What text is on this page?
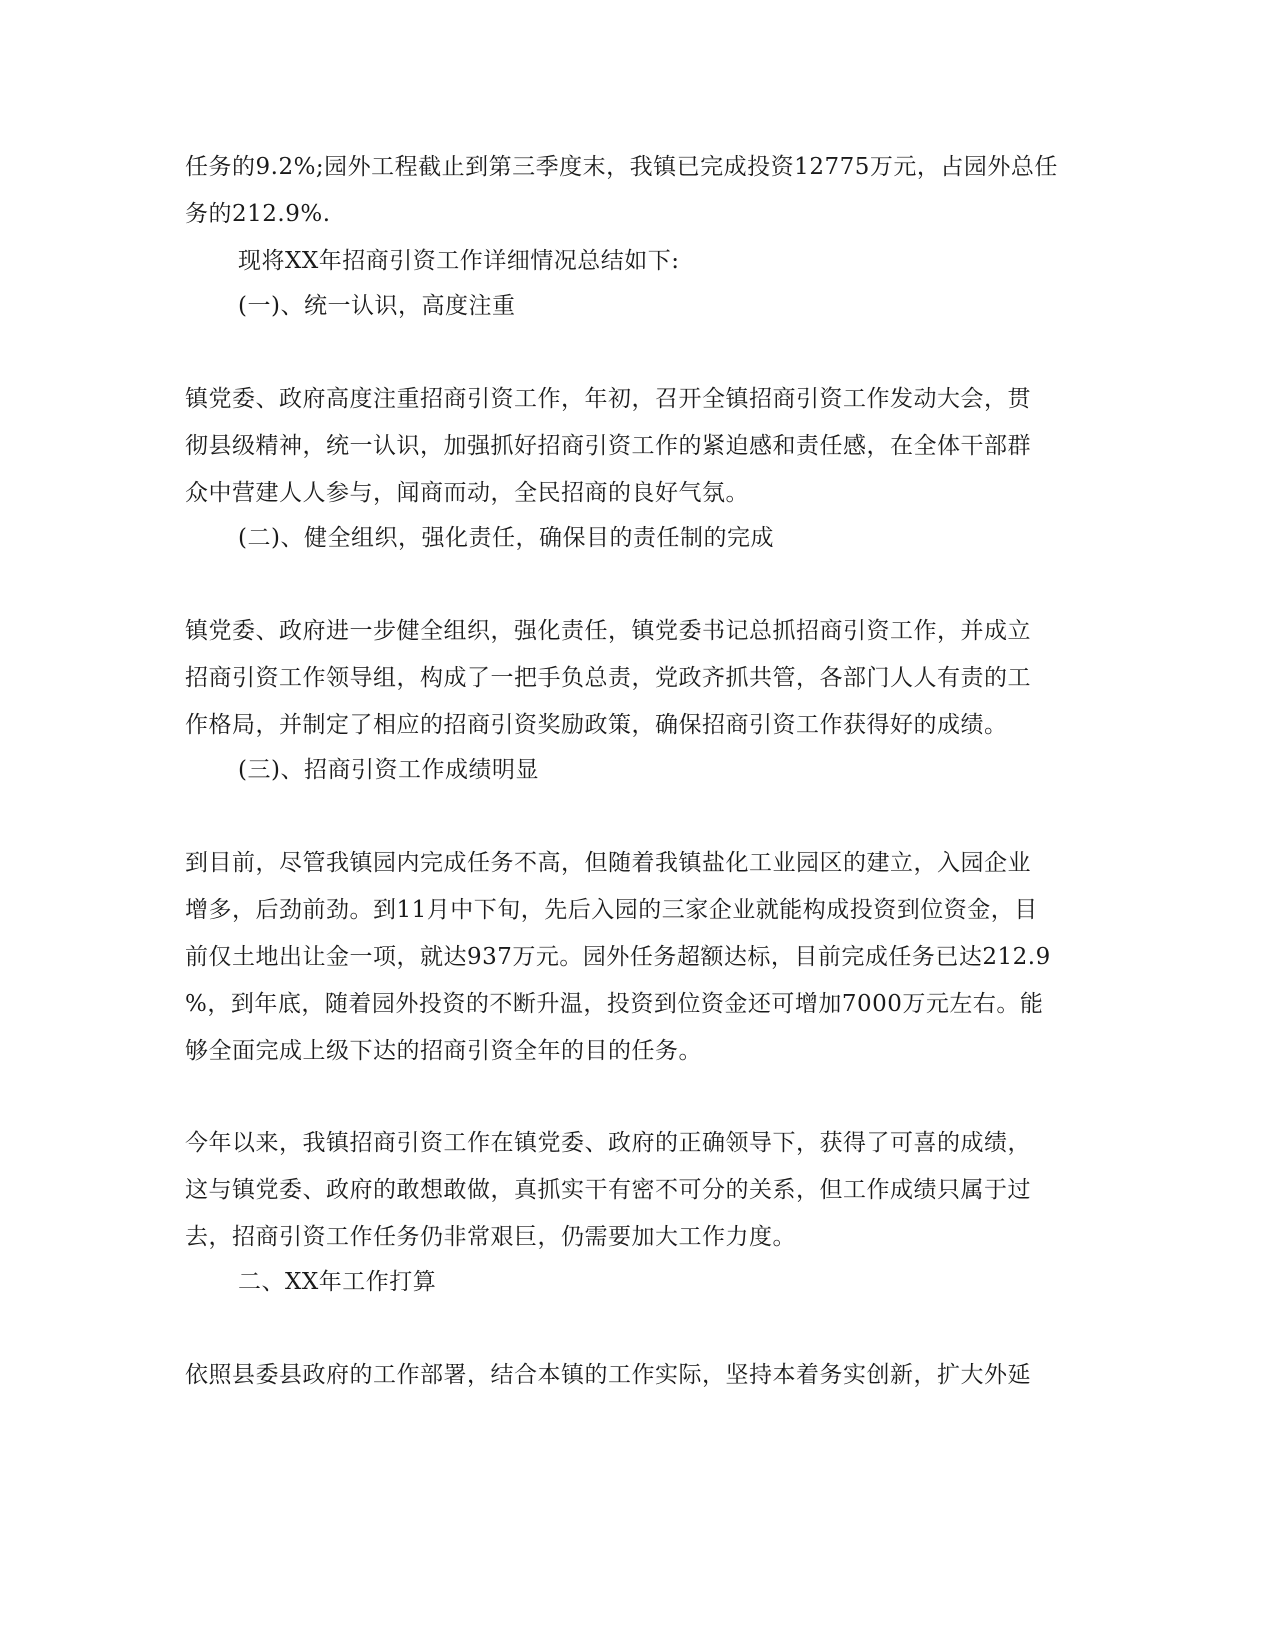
任务的9.2%;园外工程截止到第三季度末，我镇已完成投资12775万元，占园外总任
务的212.9%.
现将XX年招商引资工作详细情况总结如下:
(一)、统一认识，高度注重
镇党委、政府高度注重招商引资工作，年初，召开全镇招商引资工作发动大会，贯
彻县级精神，统一认识，加强抓好招商引资工作的紧迫感和责任感，在全体干部群
众中营建人人参与，闻商而动，全民招商的良好气氛。
(二)、健全组织，强化责任，确保目的责任制的完成
镇党委、政府进一步健全组织，强化责任，镇党委书记总抓招商引资工作，并成立
招商引资工作领导组，构成了一把手负总责，党政齐抓共管，各部门人人有责的工
作格局，并制定了相应的招商引资奖励政策，确保招商引资工作获得好的成绩。
(三)、招商引资工作成绩明显
到目前，尽管我镇园内完成任务不高，但随着我镇盐化工业园区的建立，入园企业
增多，后劲前劲。到11月中下旬，先后入园的三家企业就能构成投资到位资金，目
前仅土地出让金一项，就达937万元。园外任务超额达标，目前完成任务已达212.9
%，到年底，随着园外投资的不断升温，投资到位资金还可增加7000万元左右。能
够全面完成上级下达的招商引资全年的目的任务。
今年以来，我镇招商引资工作在镇党委、政府的正确领导下，获得了可喜的成绩，
这与镇党委、政府的敢想敢做，真抓实干有密不可分的关系，但工作成绩只属于过
去，招商引资工作任务仍非常艰巨，仍需要加大工作力度。
二、XX年工作打算
依照县委县政府的工作部署，结合本镇的工作实际，坚持本着务实创新，扩大外延
